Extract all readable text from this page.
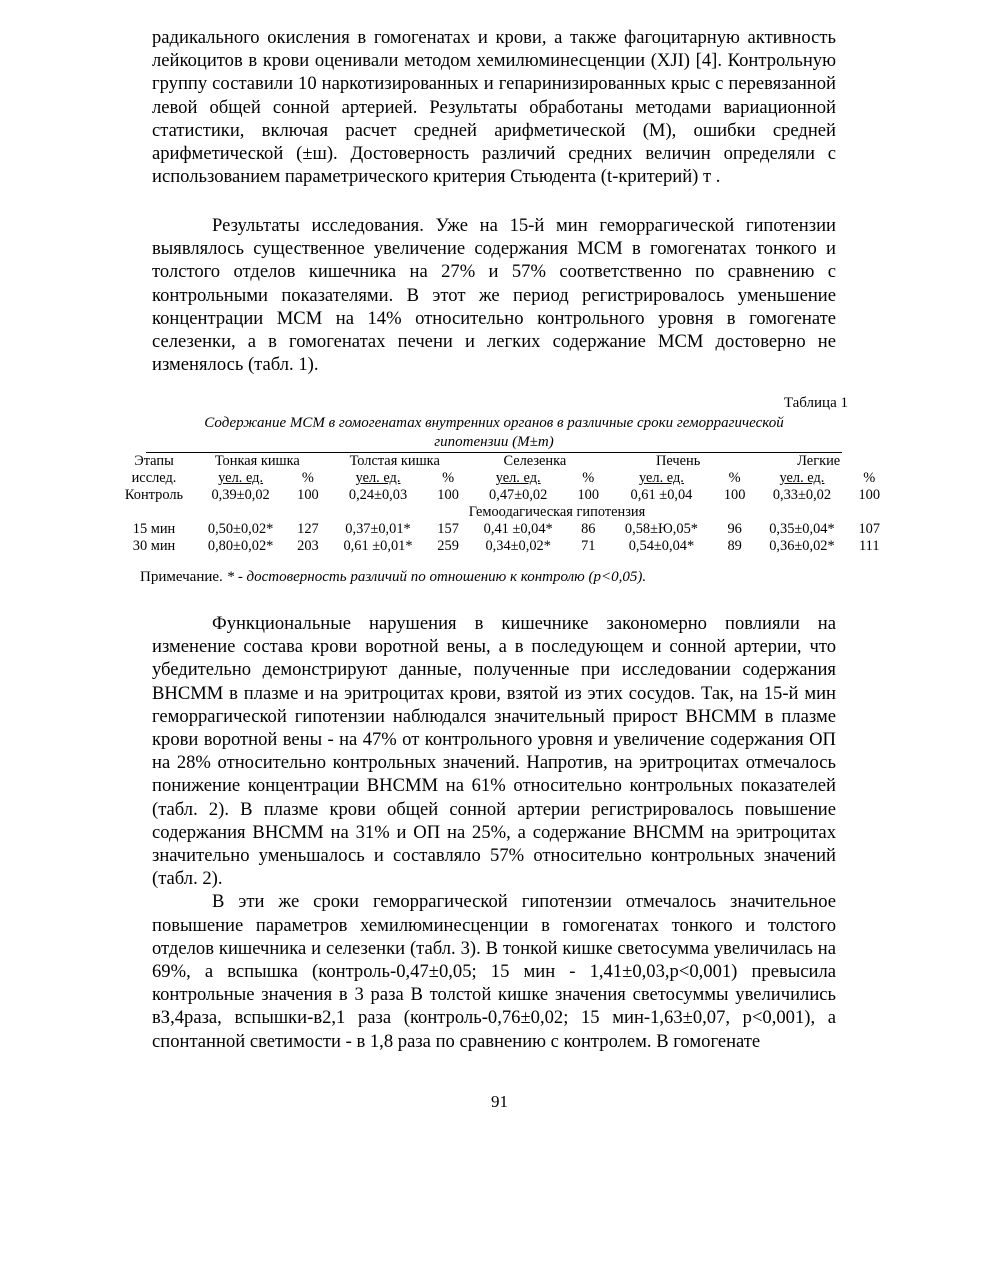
радикального окисления в гомогенатах и крови, а также фагоцитарную активность лейкоцитов в крови оценивали методом хемилюминесценции (XJI) [4]. Контрольную группу составили 10 наркотизированных и гепаринизированных крыс с перевязанной левой общей сонной артерией. Результаты обработаны методами вариационной статистики, включая расчет средней арифметической (М), ошибки средней арифметической (±ш). Достоверность различий средних величин определяли с использованием параметрического критерия Стьюдента (t-критерий) т .

Результаты исследования. Уже на 15-й мин геморрагической гипотензии выявлялось существенное увеличение содержания МСМ в гомогенатах тонкого и толстого отделов кишечника на 27% и 57% соответственно по сравнению с контрольными показателями. В этот же период регистрировалось уменьшение концентрации МСМ на 14% относительно контрольного уровня в гомогенате селезенки, а в гомогенатах печени и легких содержание МСМ достоверно не изменялось (табл. 1).

Таблица 1
Содержание МСМ в гомогенатах внутренних органов в различные сроки геморрагической

гипотензии (M±m)
Этапы	Тонкая кишка		Толстая кишка		Селезенка		Печень		Легкие	
исслед.	уел. ед.	%	уел. ед.	%	уел. ед.	%	уел. ед.	%	уел. ед.	%
Контроль	0,39±0,02	100	0,24±0,03	100	0,47±0,02	100	0,61 ±0,04	100	0,33±0,02	100
Гемоодагическая гипотензия										
15 мин	0,50±0,02*	127	0,37±0,01*	157	0,41 ±0,04*	86	0,58±Ю,05*	96	0,35±0,04*	107
30 мин	0,80±0,02*	203	0,61 ±0,01*	259	0,34±0,02*	71	0,54±0,04*	89	0,36±0,02*	111
Примечание. * - достоверность различий по отношению к контролю (р<0,05).

Функциональные нарушения в кишечнике закономерно повлияли на изменение состава крови воротной вены, а в последующем и сонной артерии, что убедительно демонстрируют данные, полученные при исследовании содержания ВНСММ в плазме и на эритроцитах крови, взятой из этих сосудов. Так, на 15-й мин геморрагической гипотензии наблюдался значительный прирост ВНСММ в плазме крови воротной вены - на 47% от контрольного уровня и увеличение содержания ОП на 28% относительно контрольных значений. Напротив, на эритроцитах отмечалось понижение концентрации ВНСММ на 61% относительно контрольных показателей (табл. 2). В плазме крови общей сонной артерии регистрировалось повышение содержания ВНСММ на 31% и ОП на 25%, а содержание ВНСММ на эритроцитах значительно уменьшалось и составляло 57% относительно контрольных значений (табл. 2).

В эти же сроки геморрагической гипотензии отмечалось значительное повышение параметров хемилюминесценции в гомогенатах тонкого и толстого отделов кишечника и селезенки (табл. 3). В тонкой кишке светосумма увеличилась на 69%, а вспышка (контроль-0,47±0,05; 15 мин - 1,41±0,03,р<0,001) превысила контрольные значения в 3 раза В толстой кишке значения светосуммы увеличились вЗ,4раза, вспышки-в2,1 раза (контроль-0,76±0,02; 15 мин-1,63±0,07, р<0,001), а спонтанной светимости - в 1,8 раза по сравнению с контролем. В гомогенате

91
